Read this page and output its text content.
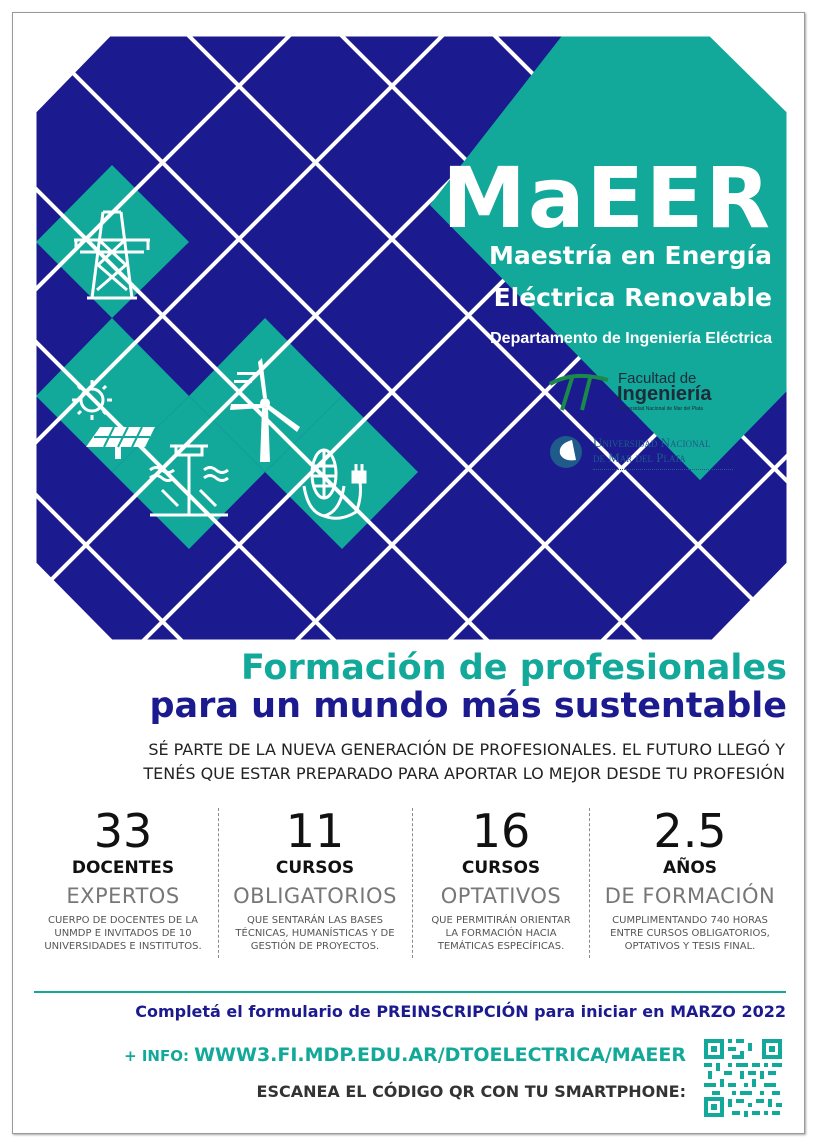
MaEER
Maestría en Energía
Eléctrica Renovable
Departamento de Ingeniería Eléctrica
Facultad de
Ingeniería
Universidad Nacional de Mar del Plata
Universidad Nacional
de Mar del Plata
Formación de profesionales
para un mundo más sustentable
SÉ PARTE DE LA NUEVA GENERACIÓN DE PROFESIONALES. EL FUTURO LLEGÓ Y
TENÉS QUE ESTAR PREPARADO PARA APORTAR LO MEJOR DESDE TU PROFESIÓN
33
DOCENTES
EXPERTOS
CUERPO DE DOCENTES DE LA
UNMDP E INVITADOS DE 10
UNIVERSIDADES E INSTITUTOS.
11
CURSOS
OBLIGATORIOS
QUE SENTARÁN LAS BASES
TÉCNICAS, HUMANÍSTICAS Y DE
GESTIÓN DE PROYECTOS.
16
CURSOS
OPTATIVOS
QUE PERMITIRÁN ORIENTAR
LA FORMACIÓN HACIA
TEMÁTICAS ESPECÍFICAS.
2.5
AÑOS
DE FORMACIÓN
CUMPLIMENTANDO 740 HORAS
ENTRE CURSOS OBLIGATORIOS,
OPTATIVOS Y TESIS FINAL.
Completá el formulario de PREINSCRIPCIÓN para iniciar en MARZO 2022
+ INFO: WWW3.FI.MDP.EDU.AR/DTOELECTRICA/MAEER
ESCANEA EL CÓDIGO QR CON TU SMARTPHONE:
